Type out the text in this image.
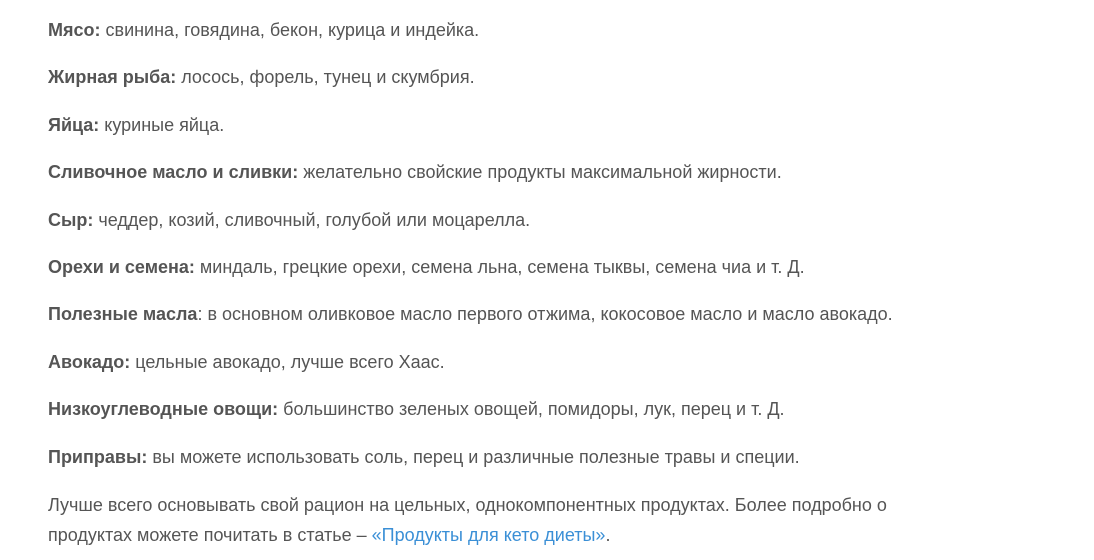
Мясо: свинина, говядина, бекон, курица и индейка.

Жирная рыба: лосось, форель, тунец и скумбрия.

Яйца: куриные яйца.

Сливочное масло и сливки: желательно свойские продукты максимальной жирности.

Сыр: чеддер, козий, сливочный, голубой или моцарелла.

Орехи и семена: миндаль, грецкие орехи, семена льна, семена тыквы, семена чиа и т. Д.

Полезные масла: в основном оливковое масло первого отжима, кокосовое масло и масло авокадо.

Авокадо: цельные авокадо, лучше всего Хаас.

Низкоуглеводные овощи: большинство зеленых овощей, помидоры, лук, перец и т. Д.

Приправы: вы можете использовать соль, перец и различные полезные травы и специи.

Лучше всего основывать свой рацион на цельных, однокомпонентных продуктах. Более подробно о продуктах можете почитать в статье – «Продукты для кето диеты».
